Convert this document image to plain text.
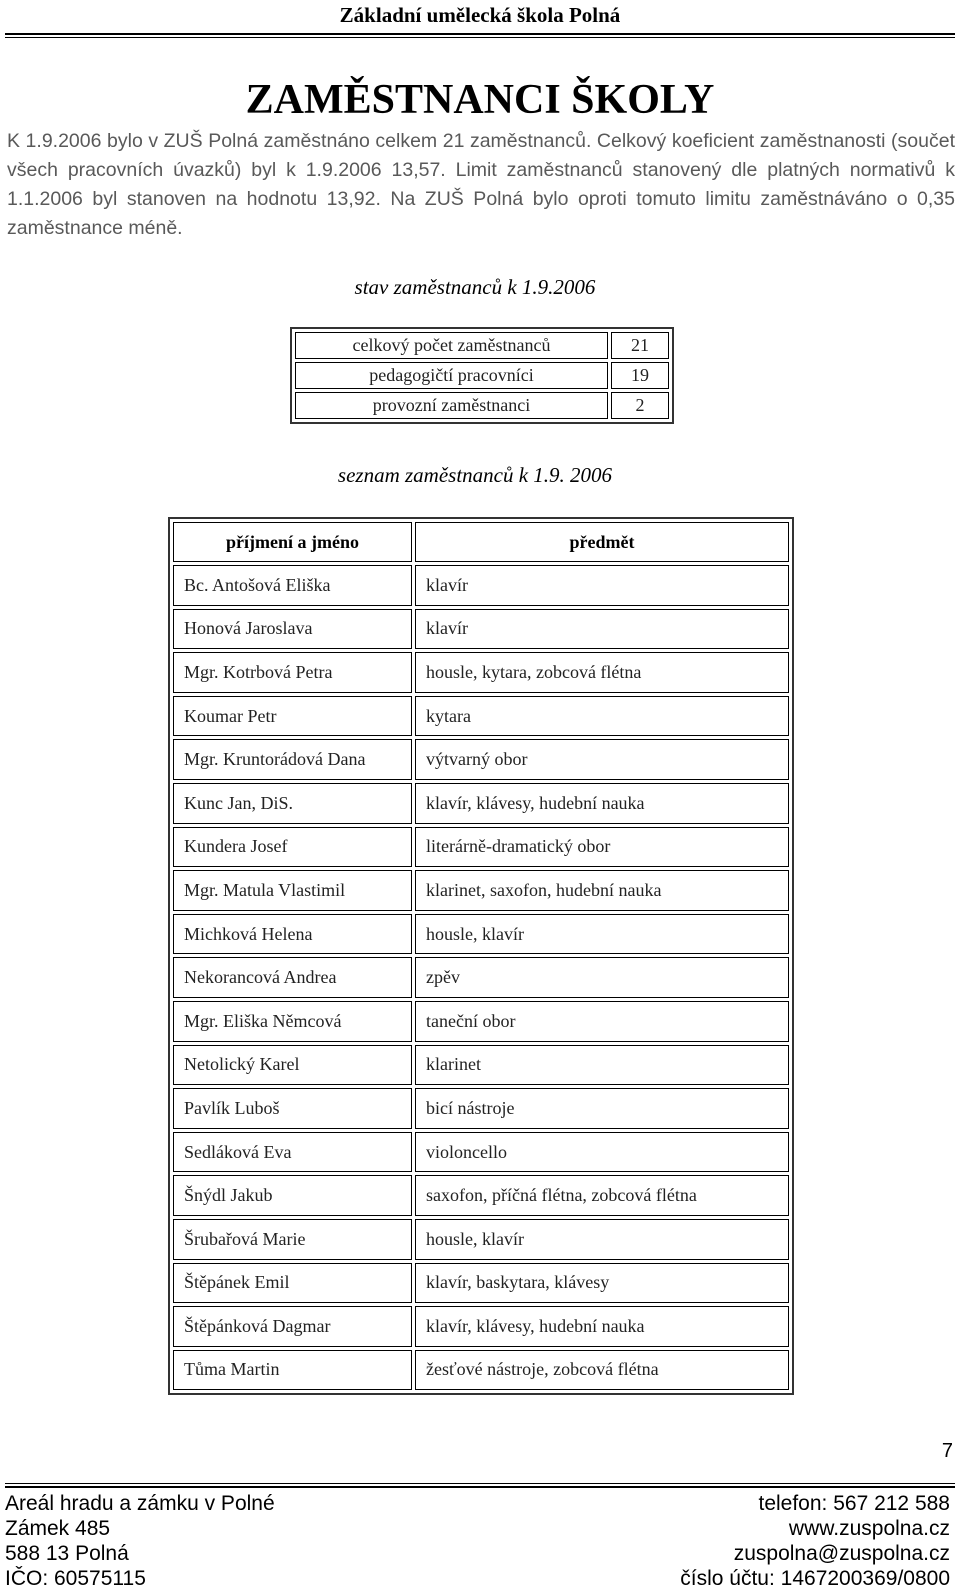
Základní umělecká škola Polná
ZAMĚSTNANCI ŠKOLY

K 1.9.2006 bylo v ZUŠ Polná zaměstnáno celkem 21 zaměstnanců. Celkový koeficient zaměstnanosti (součet všech pracovních úvazků) byl k 1.9.2006 13,57. Limit zaměstnanců stanovený dle platných normativů k 1.1.2006 byl stanoven na hodnotu 13,92. Na ZUŠ Polná bylo oproti tomuto limitu zaměstnáváno o 0,35 zaměstnance méně.

stav zaměstnanců k 1.9.2006
celkový počet zaměstnanců	21
pedagogičtí pracovníci	19
provozní zaměstnanci	2
seznam zaměstnanců k 1.9. 2006
příjmení a jméno	předmět
Bc. Antošová Eliška	klavír
Honová Jaroslava	klavír
Mgr. Kotrbová Petra	housle, kytara, zobcová flétna
Koumar Petr	kytara
Mgr. Kruntorádová Dana	výtvarný obor
Kunc Jan, DiS.	klavír, klávesy, hudební nauka
Kundera Josef	literárně-dramatický obor
Mgr. Matula Vlastimil	klarinet, saxofon, hudební nauka
Michková Helena	housle, klavír
Nekorancová Andrea	zpěv
Mgr. Eliška Němcová	taneční obor
Netolický Karel	klarinet
Pavlík Luboš	bicí nástroje
Sedláková Eva	violoncello
Šnýdl Jakub	saxofon, příčná flétna, zobcová flétna
Šrubařová Marie	housle, klavír
Štěpánek Emil	klavír, baskytara, klávesy
Štěpánková Dagmar	klavír, klávesy, hudební nauka
Tůma Martin	žesťové nástroje, zobcová flétna
7
Areál hradu a zámku v Polné
Zámek 485
588 13 Polná
IČO: 60575115
telefon: 567 212 588
www.zuspolna.cz
zuspolna@zuspolna.cz
číslo účtu: 1467200369/0800
